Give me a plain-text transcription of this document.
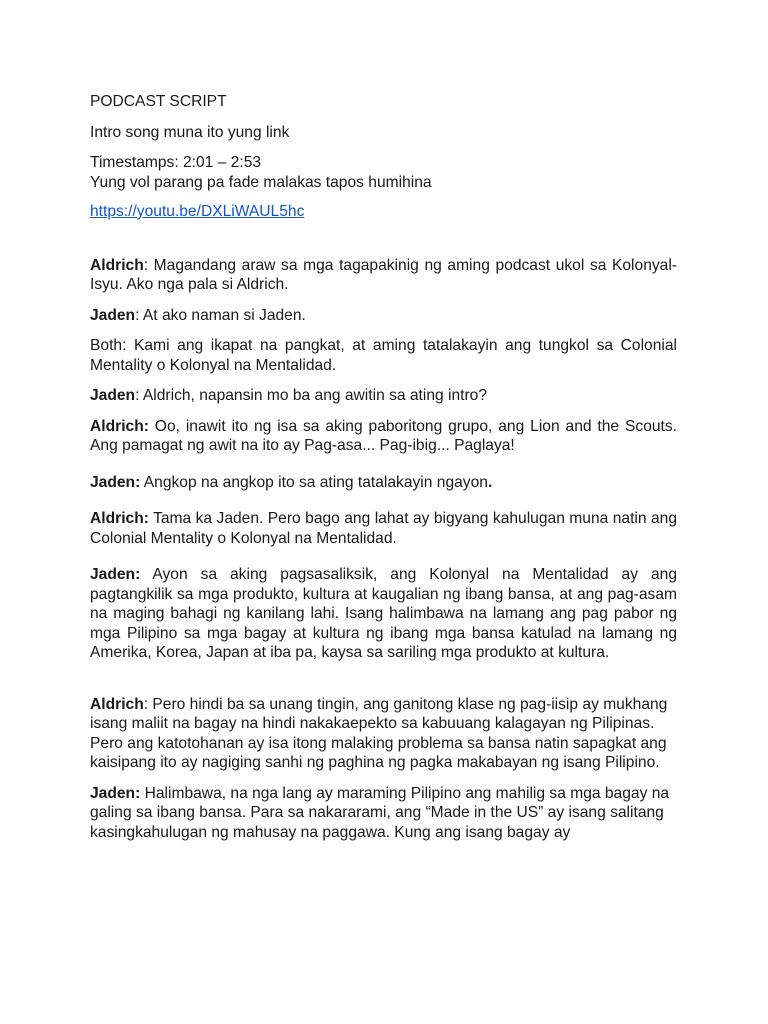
PODCAST SCRIPT

Intro song muna ito yung link

Timestamps: 2:01 – 2:53

Yung vol parang pa fade malakas tapos humihina

https://youtu.be/DXLiWAUL5hc

Aldrich: Magandang araw sa mga tagapakinig ng aming podcast ukol sa Kolonyal-Isyu. Ako nga pala si Aldrich.

Jaden: At ako naman si Jaden.

Both: Kami ang ikapat na pangkat, at aming tatalakayin ang tungkol sa Colonial Mentality o Kolonyal na Mentalidad.

Jaden: Aldrich, napansin mo ba ang awitin sa ating intro?

Aldrich: Oo, inawit ito ng isa sa aking paboritong grupo, ang Lion and the Scouts. Ang pamagat ng awit na ito ay Pag-asa... Pag-ibig... Paglaya!

Jaden: Angkop na angkop ito sa ating tatalakayin ngayon.

Aldrich: Tama ka Jaden. Pero bago ang lahat ay bigyang kahulugan muna natin ang Colonial Mentality o Kolonyal na Mentalidad.

Jaden: Ayon sa aking pagsasaliksik, ang Kolonyal na Mentalidad ay ang pagtangkilik sa mga produkto, kultura at kaugalian ng ibang bansa, at ang pag-asam na maging bahagi ng kanilang lahi. Isang halimbawa na lamang ang pag pabor ng mga Pilipino sa mga bagay at kultura ng ibang mga bansa katulad na lamang ng Amerika, Korea, Japan at iba pa, kaysa sa sariling mga produkto at kultura.

Aldrich: Pero hindi ba sa unang tingin, ang ganitong klase ng pag-iisip ay mukhang isang maliit na bagay na hindi nakakaepekto sa kabuuang kalagayan ng Pilipinas. Pero ang katotohanan ay isa itong malaking problema sa bansa natin sapagkat ang kaisipang ito ay nagiging sanhi ng paghina ng pagka makabayan ng isang Pilipino.

Jaden: Halimbawa, na nga lang ay maraming Pilipino ang mahilig sa mga bagay na galing sa ibang bansa. Para sa nakararami, ang “Made in the US” ay isang salitang kasingkahulugan ng mahusay na paggawa. Kung ang isang bagay ay
